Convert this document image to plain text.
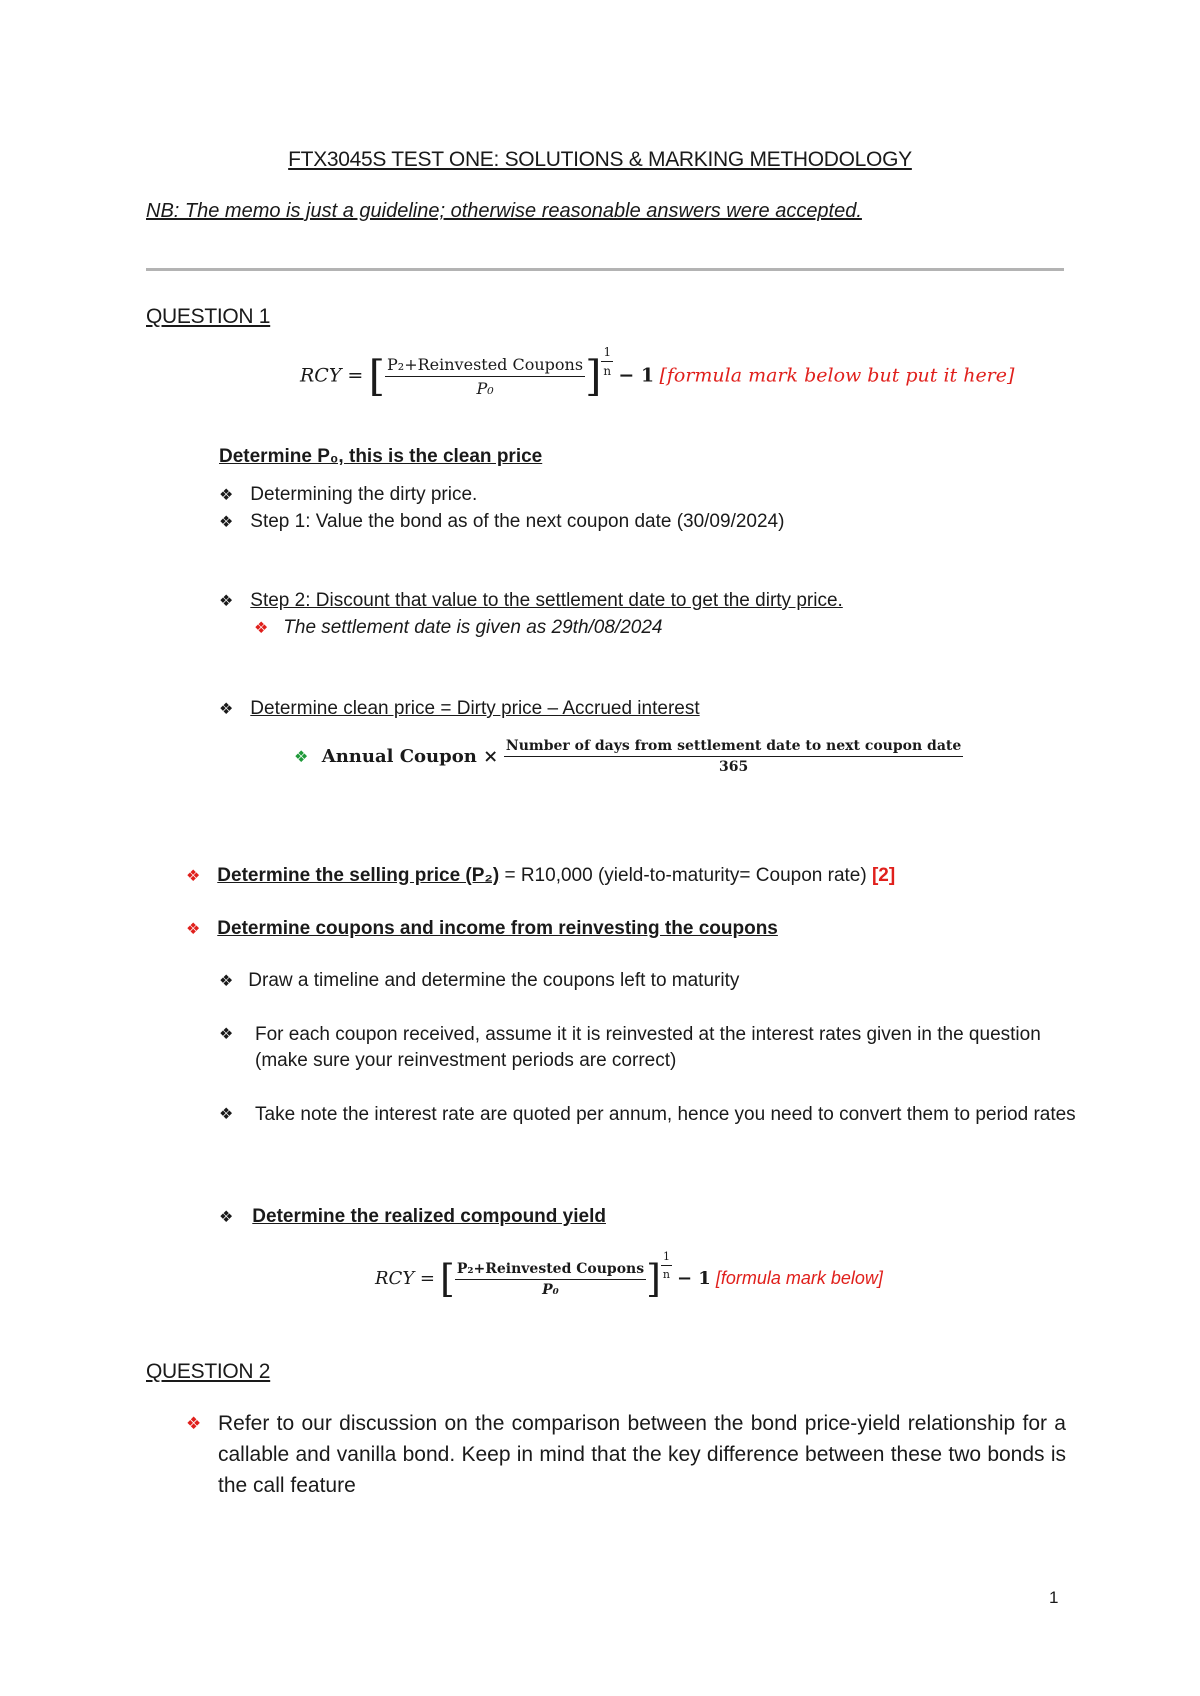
FTX3045S TEST ONE: SOLUTIONS & MARKING METHODOLOGY
NB: The memo is just a guideline; otherwise reasonable answers were accepted.
QUESTION 1
RCY = [ $\frac{\text{P₂+Reinvested Coupons}}{\text{P₀}}$ ] $\frac{1}{n} - 1$ [formula mark below but put it here]
Determine P₀, this is the clean price
❖ Determining the dirty price.
❖ Step 1: Value the bond as of the next coupon date (30/09/2024)
❖ Step 2: Discount that value to the settlement date to get the dirty price.
❖ The settlement date is given as 29th/08/2024
❖ Determine clean price = Dirty price – Accrued interest
❖ Annual Coupon × $\frac{\text{Number of days from settlement date to next coupon date}}{365}$
❖ Determine the selling price (P₂) = R10,000 (yield-to-maturity= Coupon rate) [2]
❖ Determine coupons and income from reinvesting the coupons
❖ Draw a timeline and determine the coupons left to maturity
❖ For each coupon received, assume it it is reinvested at the interest rates given in the question (make sure your reinvestment periods are correct)
❖ Take note the interest rate are quoted per annum, hence you need to convert them to period rates
❖ Determine the realized compound yield
RCY = [ $\frac{\text{P₂+Reinvested Coupons}}{\text{P₀}}$ ] $\frac{1}{n} - 1$ [formula mark below]
QUESTION 2
❖ Refer to our discussion on the comparison between the bond price-yield relationship for a callable and vanilla bond. Keep in mind that the key difference between these two bonds is the call feature
1
